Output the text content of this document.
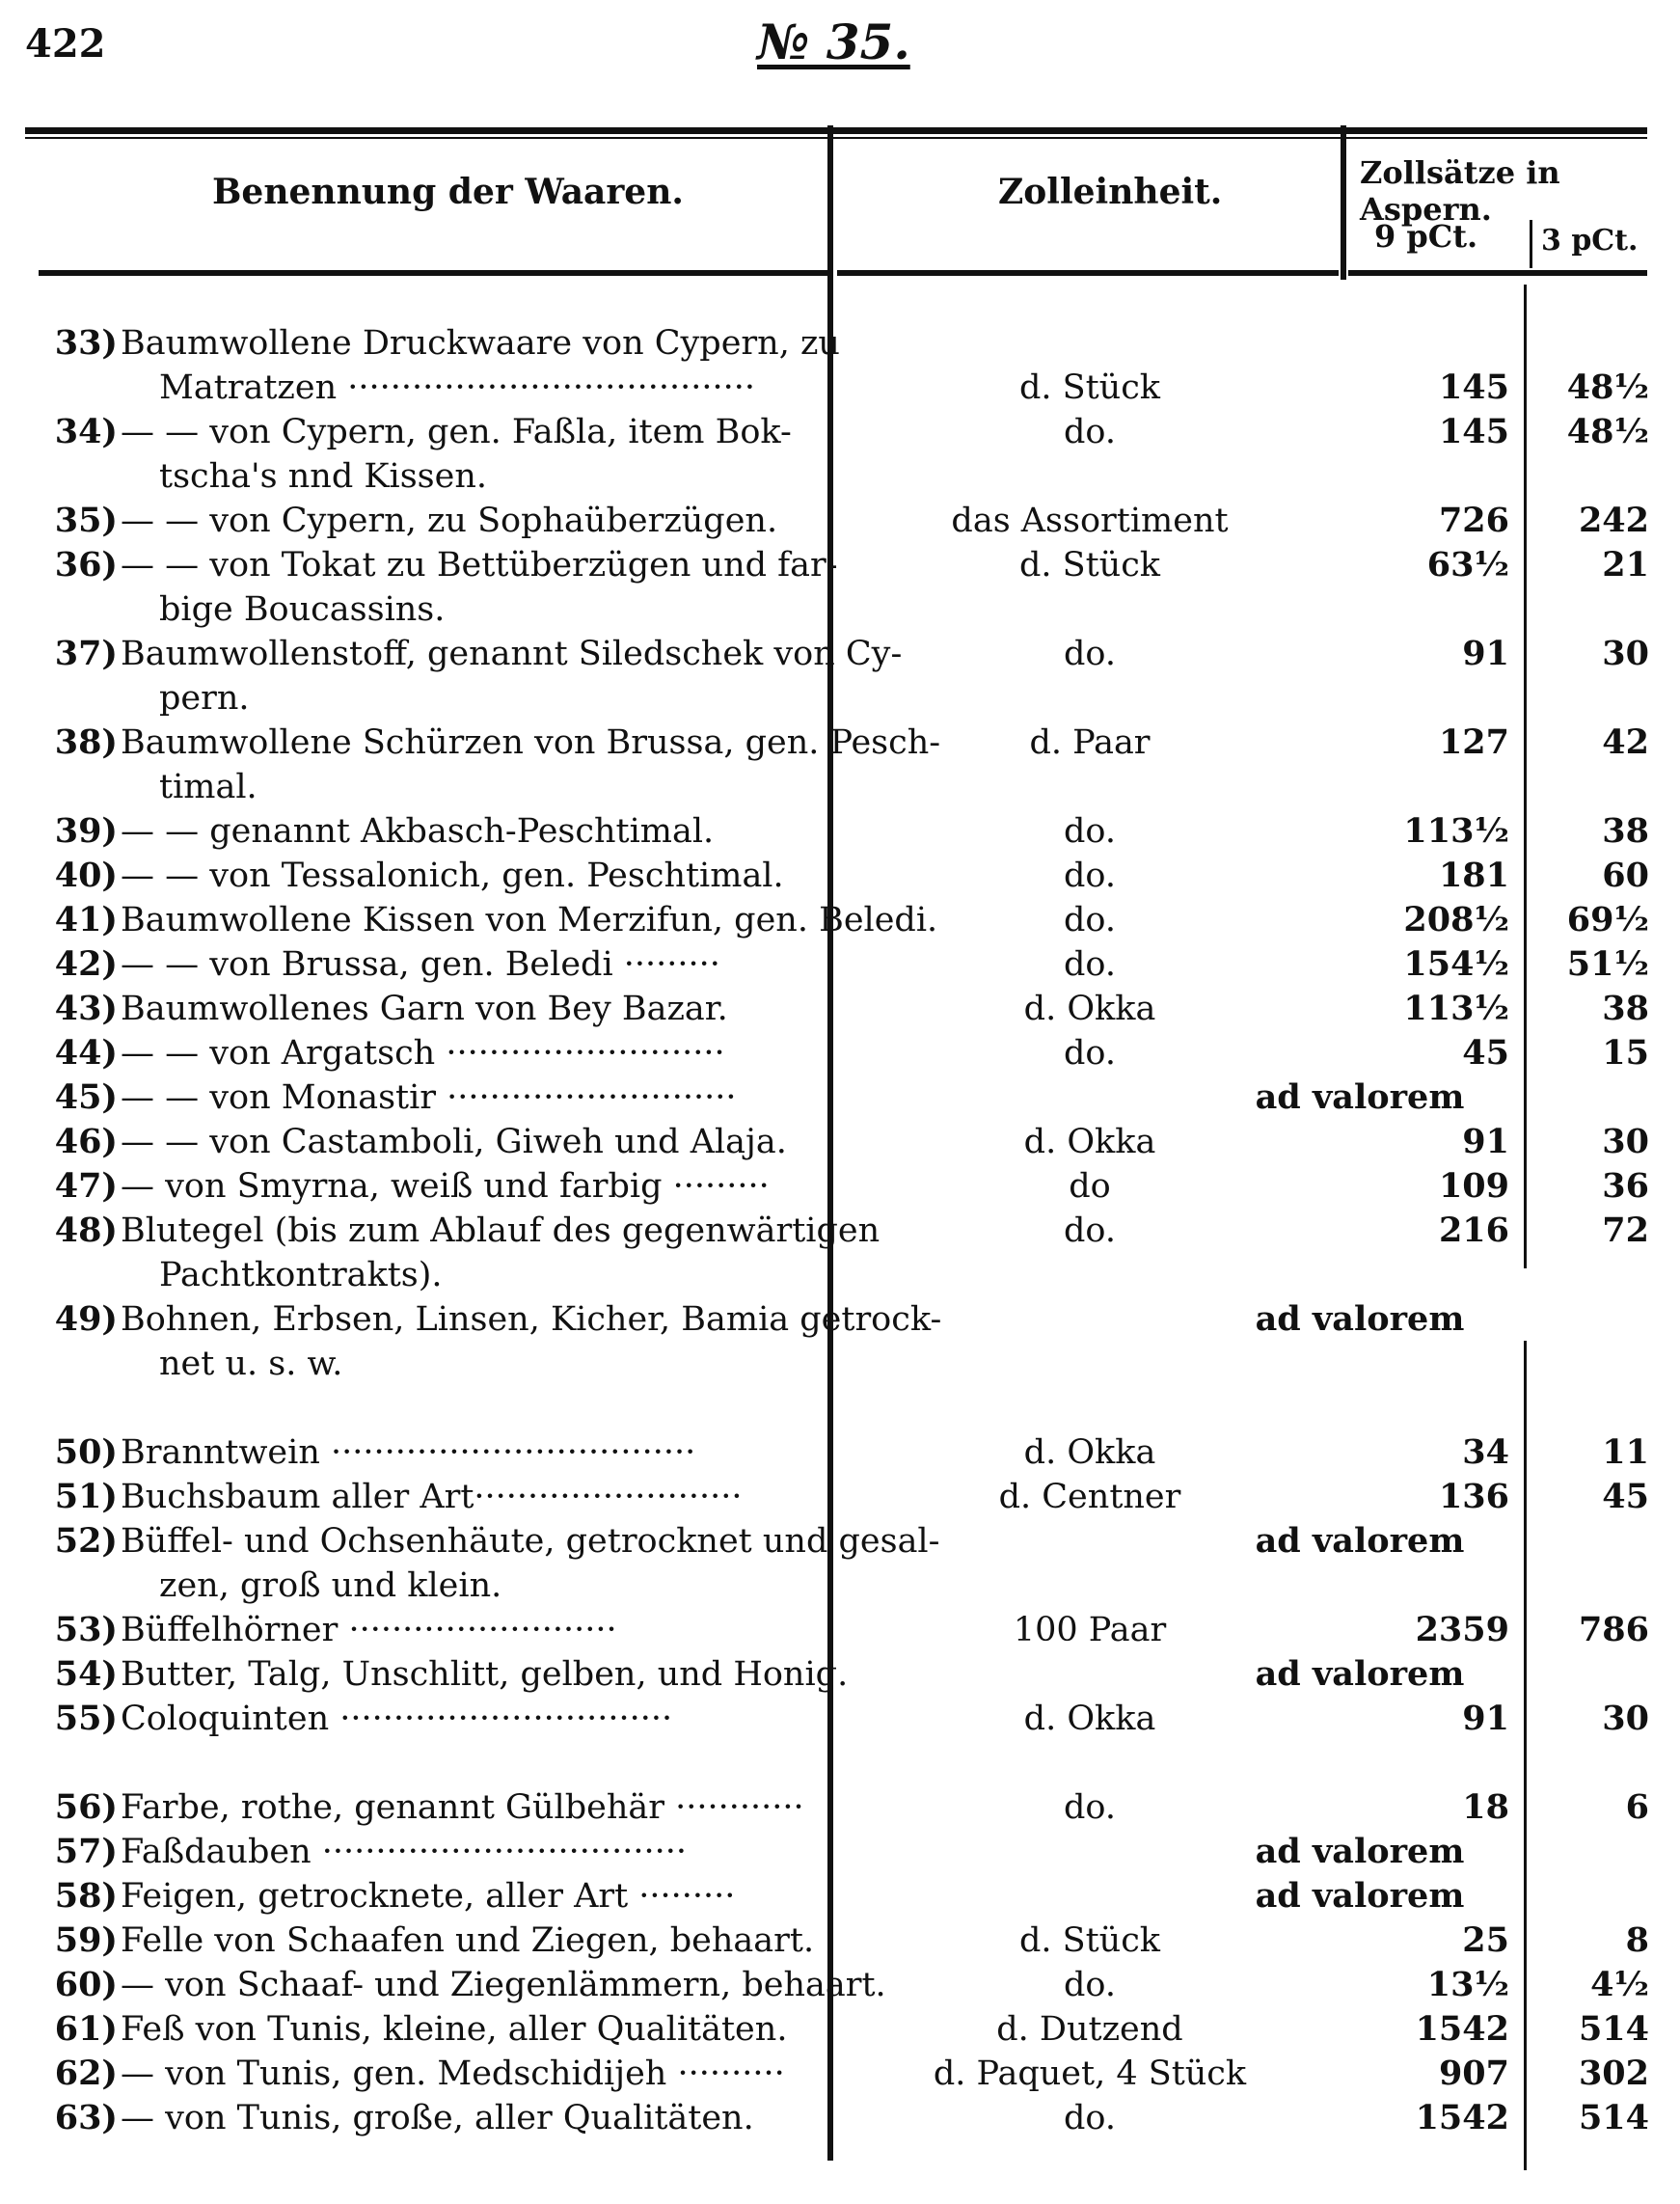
422	№ 35.
Benennung der Waaren.	Zolleinheit.	Zollsätze in Aspern.
9 pCt. 3 pCt.
33) Baumwollene Druckwaare von Cypern, zu
Matratzen ······································	d. Stück	145	48½
34) — — von Cypern, gen. Faßla, item Bok-	do.	145	48½
tscha's nnd Kissen.
35) — — von Cypern, zu Sophaüberzügen.	das Assortiment	726	242
36) — — von Tokat zu Bettüberzügen und far-	d. Stück	63½	21
bige Boucassins.
37) Baumwollenstoff, genannt Siledschek von Cy-	do.	91	30
pern.
38) Baumwollene Schürzen von Brussa, gen. Pesch-	d. Paar	127	42
timal.
39) — — genannt Akbasch-Peschtimal.	do.	113½	38
40) — — von Tessalonich, gen. Peschtimal.	do.	181	60
41) Baumwollene Kissen von Merzifun, gen. Beledi.	do.	208½	69½
42) — — von Brussa, gen. Beledi ·········	do.	154½	51½
43) Baumwollenes Garn von Bey Bazar.	d. Okka	113½	38
44) — — von Argatsch ··························	do.	45	15
45) — — von Monastir ···························	ad valorem
46) — — von Castamboli, Giweh und Alaja.	d. Okka	91	30
47) — von Smyrna, weiß und farbig ·········	do	109	36
48) Blutegel (bis zum Ablauf des gegenwärtigen	do.	216	72
Pachtkontrakts).
49) Bohnen, Erbsen, Linsen, Kicher, Bamia getrock-	ad valorem
net u. s. w.
50) Branntwein ··································	d. Okka	34	11
51) Buchsbaum aller Art·························	d. Centner	136	45
52) Büffel- und Ochsenhäute, getrocknet und gesal-	ad valorem
zen, groß und klein.
53) Büffelhörner ·························	100 Paar	2359	786
54) Butter, Talg, Unschlitt, gelben, und Honig.	ad valorem
55) Coloquinten ·······························	d. Okka	91	30
56) Farbe, rothe, genannt Gülbehär ············	do.	18	6
57) Faßdauben ··································	ad valorem
58) Feigen, getrocknete, aller Art ·········	ad valorem
59) Felle von Schaafen und Ziegen, behaart.	d. Stück	25	8
60) — von Schaaf- und Ziegenlämmern, behaart.	do.	13½	4½
61) Feß von Tunis, kleine, aller Qualitäten.	d. Dutzend	1542	514
62) — von Tunis, gen. Medschidijeh ··········	d. Paquet, 4 Stück	907	302
63) — von Tunis, große, aller Qualitäten.	do.	1542	514
